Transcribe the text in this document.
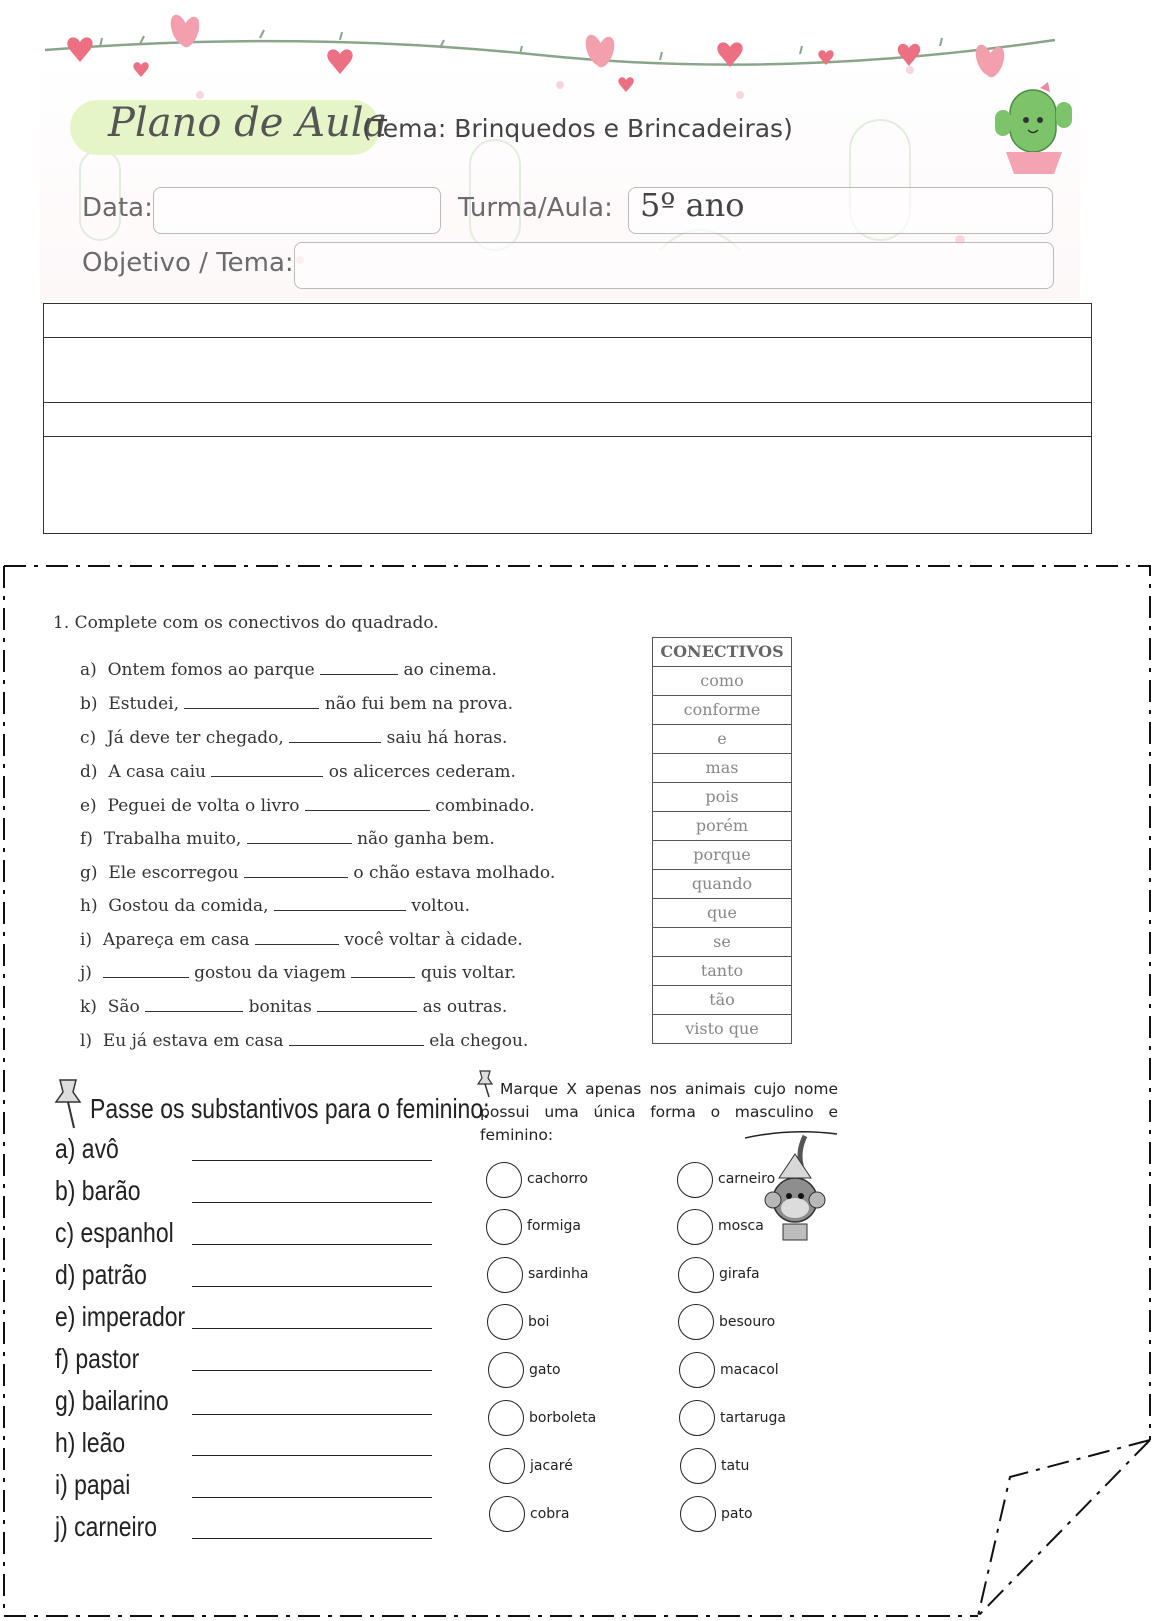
Plano de Aula
(Tema: Brinquedos e Brincadeiras)
Data:	Turma/Aula: 5º ano
Objetivo / Tema:
1. Complete com os conectivos do quadrado.
a) Ontem fomos ao parque	ao cinema.
b) Estudei,	não fui bem na prova.
c) Já deve ter chegado,	saiu há horas.
d) A casa caiu	os alicerces cederam.
e) Peguei de volta o livro	combinado.
f) Trabalha muito,	não ganha bem.
g) Ele escorregou	o chão estava molhado.
h) Gostou da comida,	voltou.
i) Apareça em casa	você voltar à cidade.
j)	gostou da viagem	quis voltar.
k) São	bonitas	as outras.
l) Eu já estava em casa	ela chegou.
CONECTIVOS
como
conforme
e
mas
pois
porém
porque
quando
que
se
tanto
tão
visto que
Passe os substantivos para o feminino:
a) avô
b) barão
c) espanhol
d) patrão
e) imperador
f) pastor
g) bailarino
h) leão
i) papai
j) carneiro
Marque X apenas nos animais cujo nome possui uma única forma o masculino e feminino:
cachorro
formiga
sardinha
boi
gato
borboleta
jacaré
cobra
carneiro
mosca
girafa
besouro
macacol
tartaruga
tatu
pato
